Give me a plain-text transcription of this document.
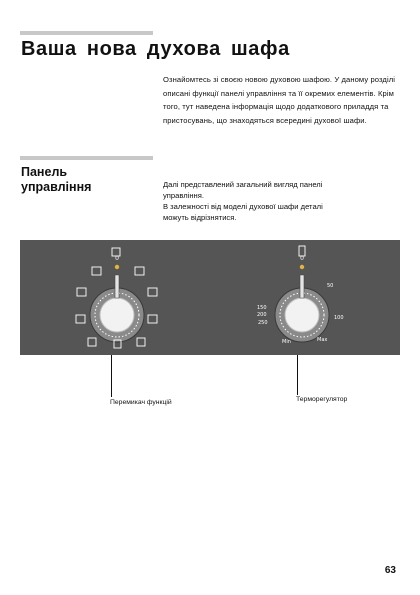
Ваша нова духова шафа

Ознайомтесь зі своєю новою духовою шафою. У даному розділі описані функції панелі управління та її окремих елементів. Крім того, тут наведена інформація щодо додаткового приладдя та пристосувань, що знаходяться всередині духової шафи.

Панель
управління	Далі представлений загальний вигляд панелі
управління.
В залежності від моделі духової шафи деталі
можуть відрізнятися.

0	0
50
100
150
200
250
Min	Max
Перемикач функцій	Терморегулятор
63
